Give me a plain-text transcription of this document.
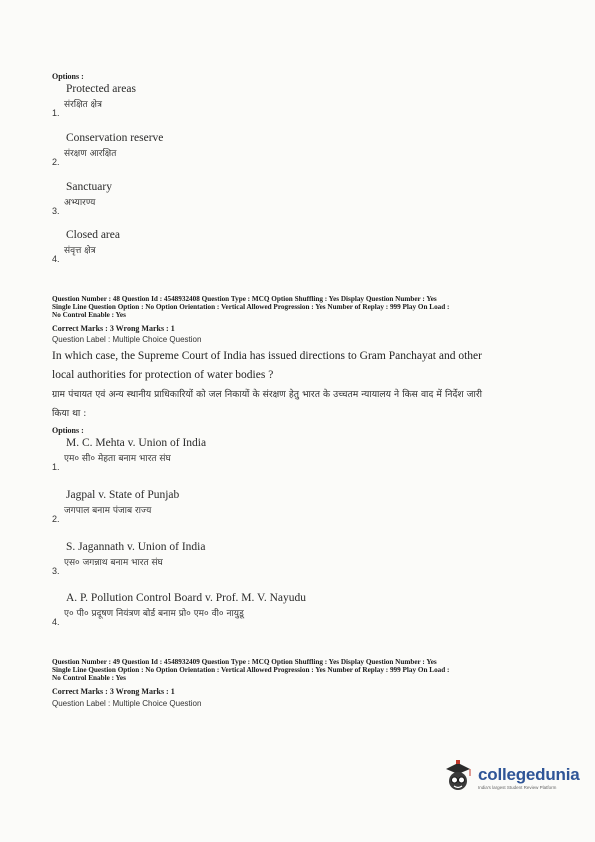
Options :
Protected areas
1.
संरक्षित क्षेत्र
Conservation reserve
2.
संरक्षण आरक्षित
Sanctuary
3.
अभ्यारण्य
Closed area
4.
संवृत्त क्षेत्र
Question Number : 48 Question Id : 4548932408 Question Type : MCQ Option Shuffling : Yes Display Question Number : Yes
Single Line Question Option : No Option Orientation : Vertical Allowed Progression : Yes Number of Replay : 999 Play On Load :
No Control Enable : Yes
Correct Marks : 3 Wrong Marks : 1
Question Label : Multiple Choice Question
In which case, the Supreme Court of India has issued directions to Gram Panchayat and other local authorities for protection of water bodies ?
ग्राम पंचायत एवं अन्य स्थानीय प्राधिकारियों को जल निकायों के संरक्षण हेतु भारत के उच्चतम न्यायालय ने किस वाद में निर्देश जारी किया था :
Options :
M. C. Mehta v. Union of India
1.
एम० सी० मेहता बनाम भारत संघ
Jagpal v. State of Punjab
2.
जगपाल बनाम पंजाब राज्य
S. Jagannath v. Union of India
3.
एस० जगन्नाथ बनाम भारत संघ
A. P. Pollution Control Board v. Prof. M. V. Nayudu
4.
ए० पी० प्रदूषण नियंत्रण बोर्ड बनाम प्रो० एम० वी० नायुडू
Question Number : 49 Question Id : 4548932409 Question Type : MCQ Option Shuffling : Yes Display Question Number : Yes
Single Line Question Option : No Option Orientation : Vertical Allowed Progression : Yes Number of Replay : 999 Play On Load :
No Control Enable : Yes
Correct Marks : 3 Wrong Marks : 1
Question Label : Multiple Choice Question
collegedunia
India's largest Student Review Platform
